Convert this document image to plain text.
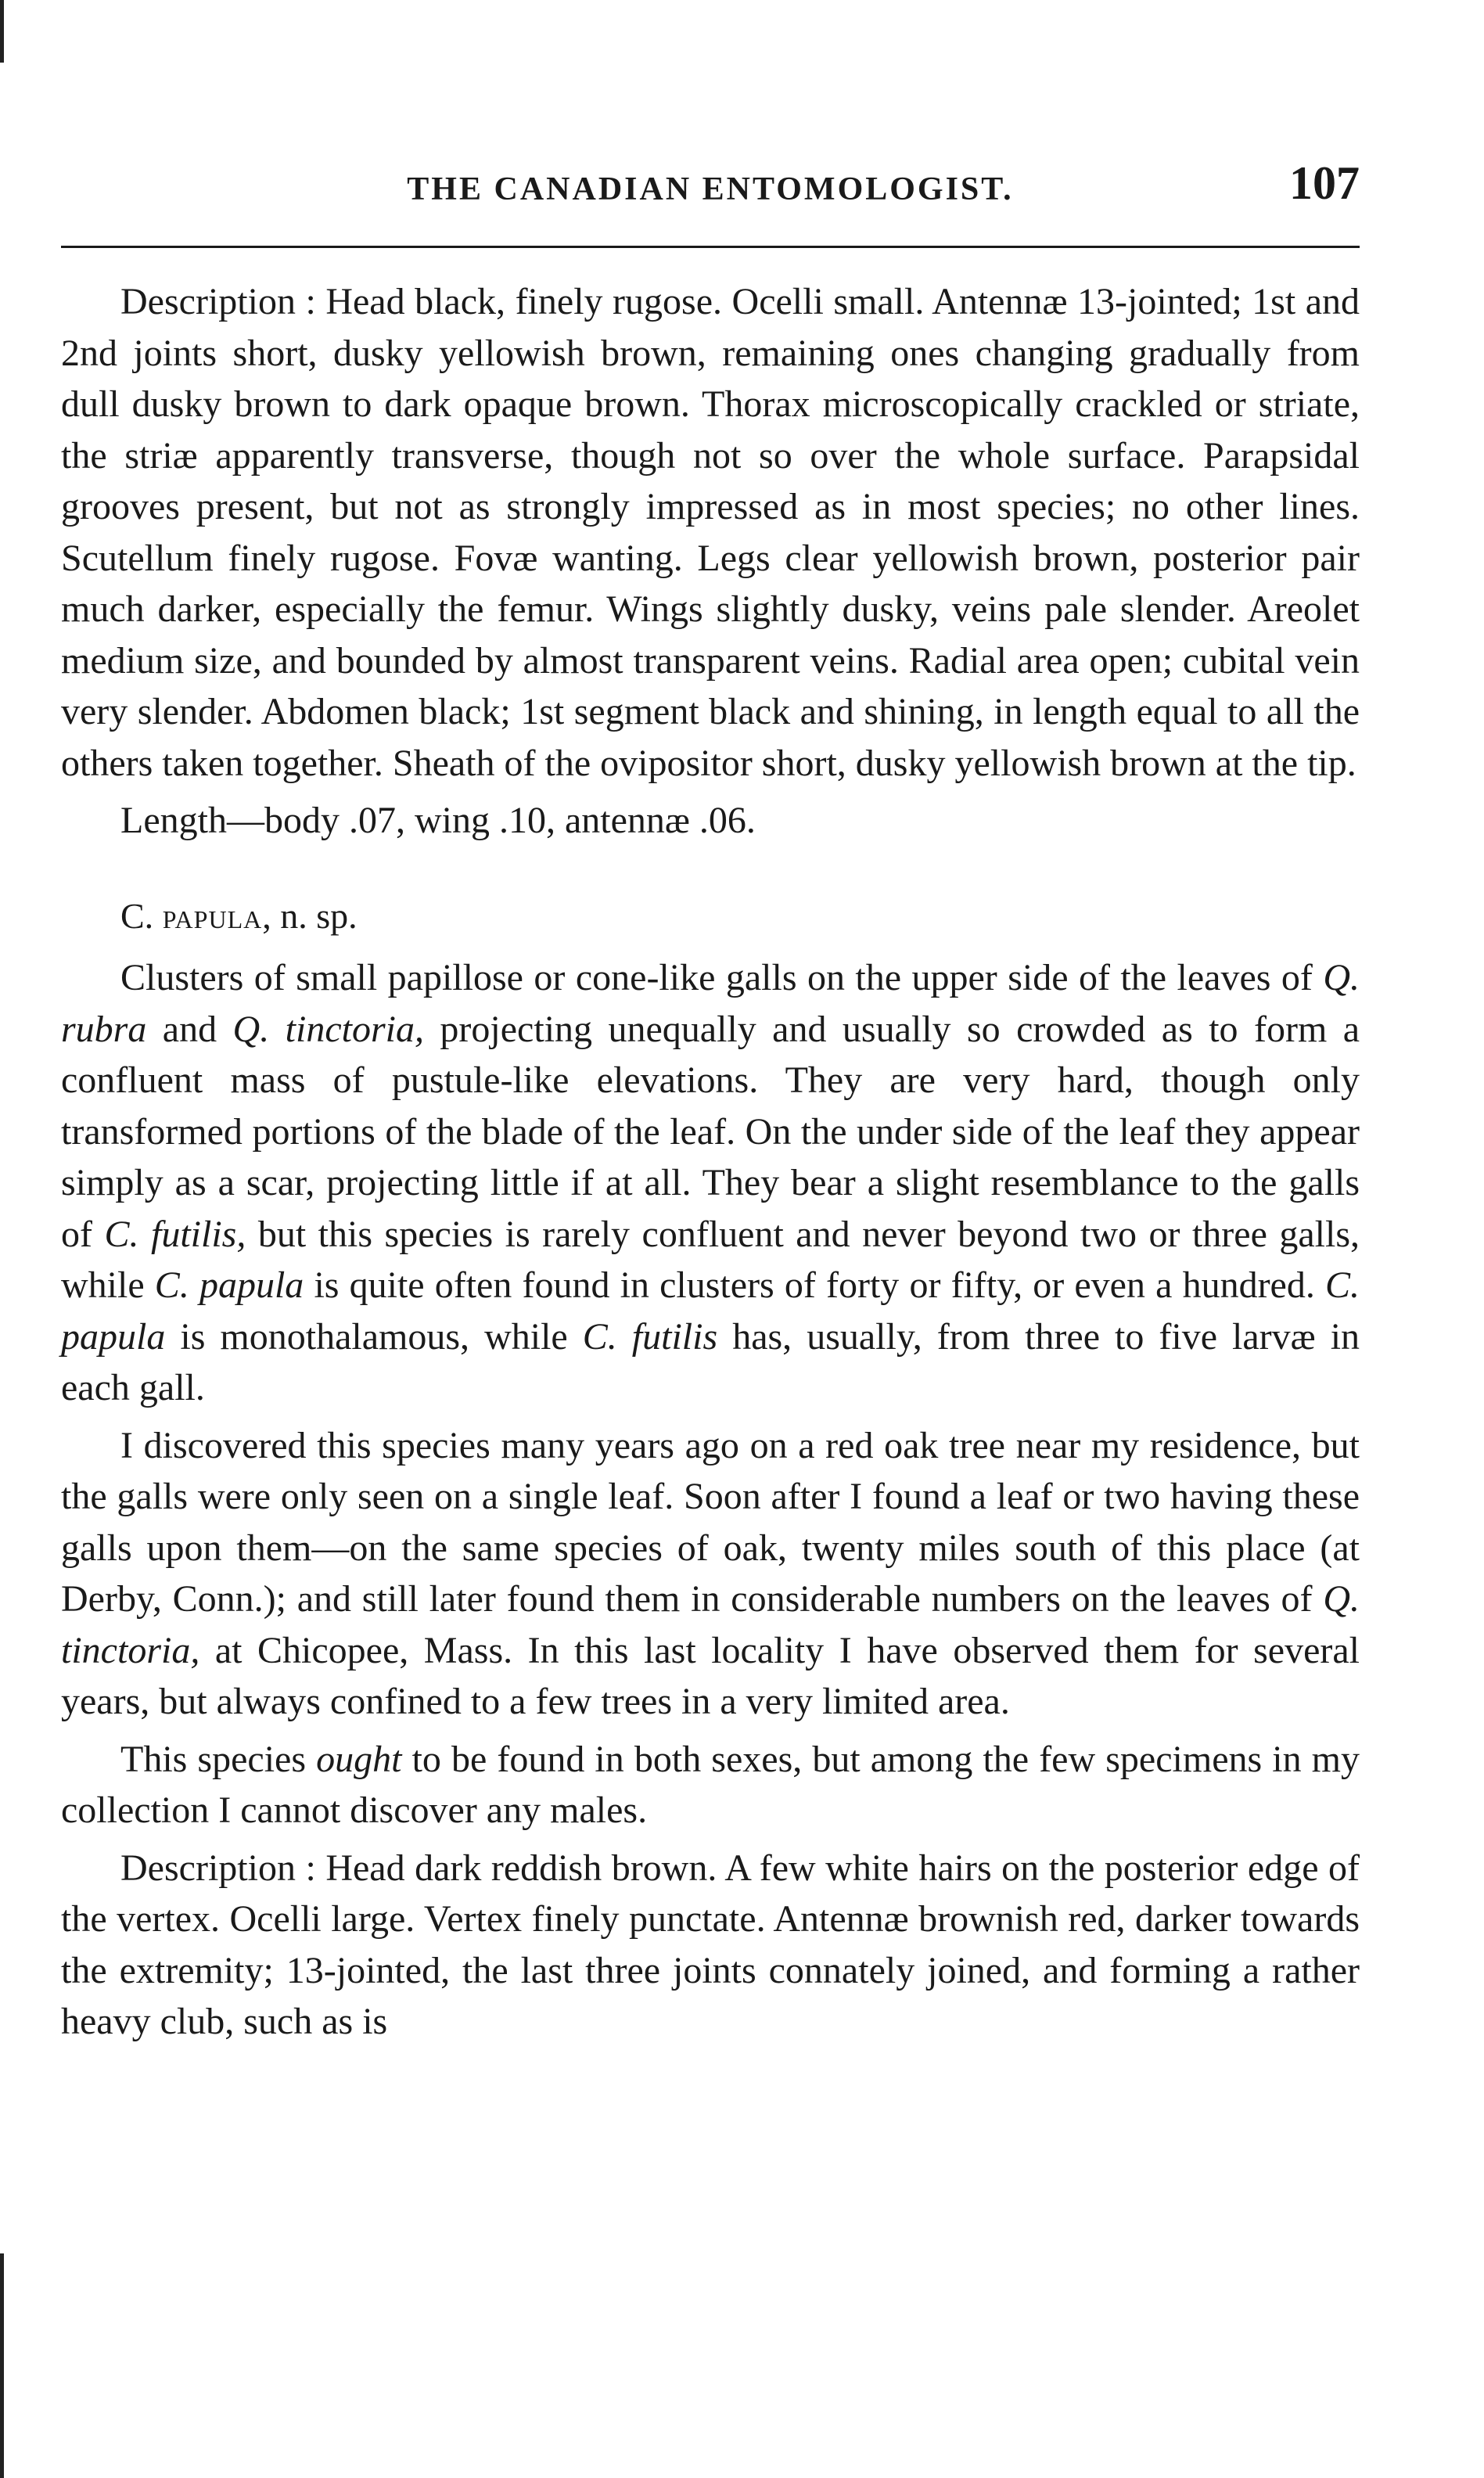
THE CANADIAN ENTOMOLOGIST.	107

Description : Head black, finely rugose. Ocelli small. Antennæ 13-jointed; 1st and 2nd joints short, dusky yellowish brown, remaining ones changing gradually from dull dusky brown to dark opaque brown. Thorax microscopically crackled or striate, the striæ apparently transverse, though not so over the whole surface. Parapsidal grooves present, but not as strongly impressed as in most species; no other lines. Scutellum finely rugose. Fovæ wanting. Legs clear yellowish brown, posterior pair much darker, especially the femur. Wings slightly dusky, veins pale slender. Areolet medium size, and bounded by almost transparent veins. Radial area open; cubital vein very slender. Abdomen black; 1st segment black and shining, in length equal to all the others taken together. Sheath of the ovipositor short, dusky yellowish brown at the tip.

Length—body .07, wing .10, antennæ .06.

C. papula, n. sp.

Clusters of small papillose or cone-like galls on the upper side of the leaves of Q. rubra and Q. tinctoria, projecting unequally and usually so crowded as to form a confluent mass of pustule-like elevations. They are very hard, though only transformed portions of the blade of the leaf. On the under side of the leaf they appear simply as a scar, projecting little if at all. They bear a slight resemblance to the galls of C. futilis, but this species is rarely confluent and never beyond two or three galls, while C. papula is quite often found in clusters of forty or fifty, or even a hundred. C. papula is monothalamous, while C. futilis has, usually, from three to five larvæ in each gall.

I discovered this species many years ago on a red oak tree near my residence, but the galls were only seen on a single leaf. Soon after I found a leaf or two having these galls upon them—on the same species of oak, twenty miles south of this place (at Derby, Conn.); and still later found them in considerable numbers on the leaves of Q. tinctoria, at Chicopee, Mass. In this last locality I have observed them for several years, but always confined to a few trees in a very limited area.

This species ought to be found in both sexes, but among the few specimens in my collection I cannot discover any males.

Description : Head dark reddish brown. A few white hairs on the posterior edge of the vertex. Ocelli large. Vertex finely punctate. Antennæ brownish red, darker towards the extremity; 13-jointed, the last three joints connately joined, and forming a rather heavy club, such as is
